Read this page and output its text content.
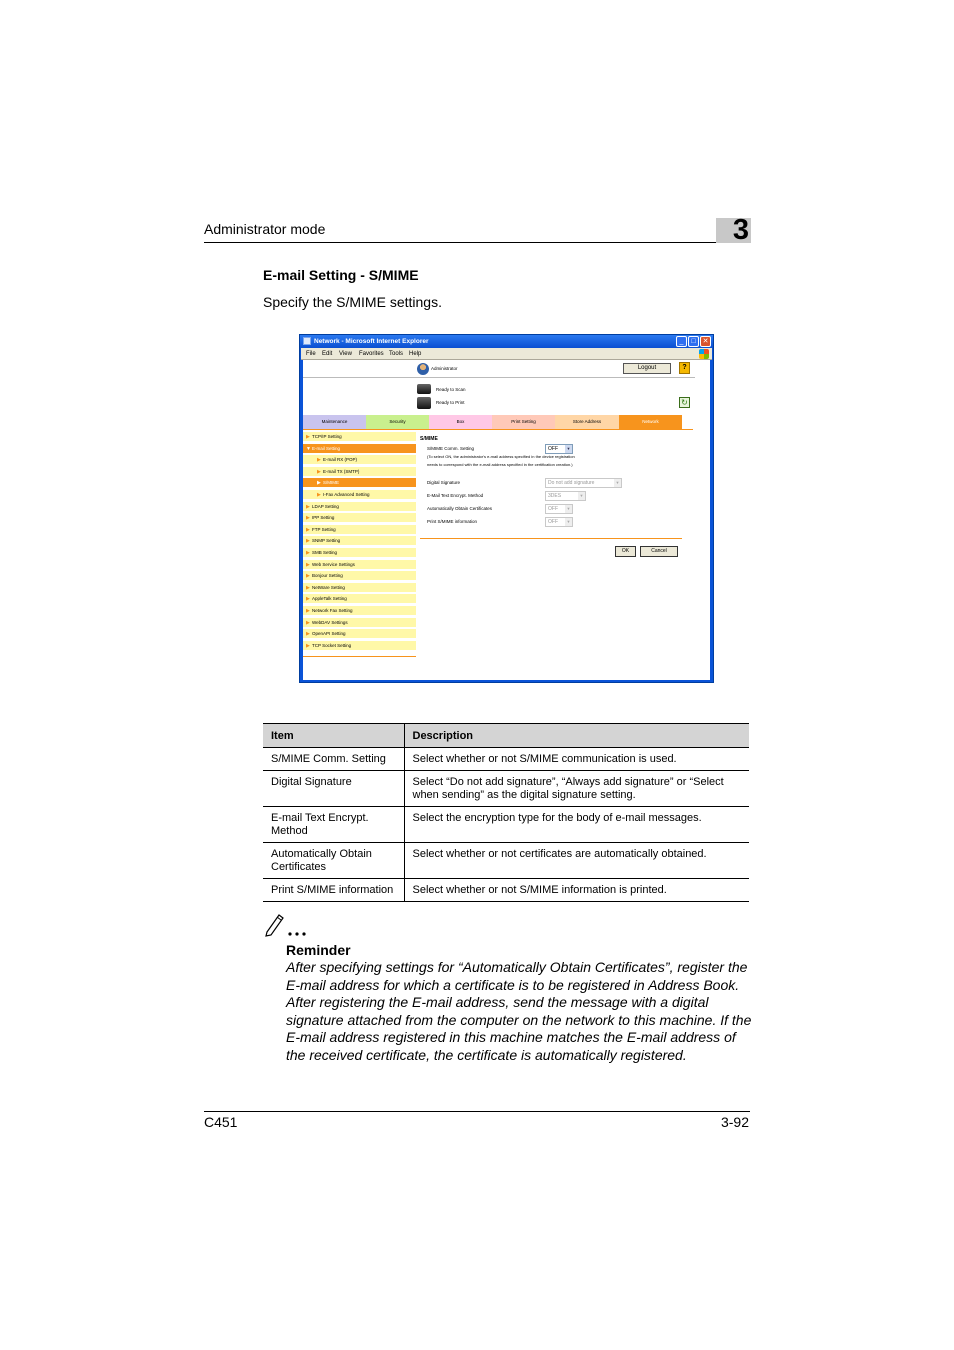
Administrator mode	3
E-mail Setting - S/MIME
Specify the S/MIME settings.
Network - Microsoft Internet Explorer	_	□ ✕
File Edit View Favorites Tools Help
Administrator	Logout	?
Ready to Scan
Ready to Print	↻
Maintenance	Security	Box	Print Setting	Store Address	Network
▶ TCP/IP Setting
▼ E-mail Setting
▶ E-mail RX (POP)
▶ E-mail TX (SMTP)
▶ S/MIME
▶ I-Fax Advanced Setting
▶ LDAP Setting
▶ IPP Setting
▶ FTP Setting
▶ SNMP Setting
▶ SMB Setting
▶ Web Service Settings
▶ Bonjour Setting
▶ NetWare Setting
▶ AppleTalk Setting
▶ Network Fax Setting
▶ WebDAV Settings
▶ OpenAPI Setting
▶ TCP Socket Setting
S/MIME
S/MIME Comm. Setting	OFF	▼
(To select ON, the administrator's e-mail address specified in the device registration
needs to correspond with the e-mail address specified in the certification creation.)
Digital Signature	Do not add signature	▼
E-Mail Text Encrypt. Method	3DES	▼
Automatically Obtain Certificates	OFF	▼
Print S/MIME information	OFF	▼
OK	Cancel
Item	Description
S/MIME Comm. Setting	Select whether or not S/MIME communication is used.
Digital Signature	Select “Do not add signature”, “Always add signature” or “Select when sending” as the digital signature setting.
E-mail Text Encrypt. Method	Select the encryption type for the body of e-mail messages.
Automatically Obtain Certificates	Select whether or not certificates are automatically obtained.
Print S/MIME information	Select whether or not S/MIME information is printed.
Reminder
After specifying settings for “Automatically Obtain Certificates”, register the E-mail address for which a certificate is to be registered in Address Book. After registering the E-mail address, send the message with a digital signature attached from the computer on the network to this machine. If the E-mail address registered in this machine matches the E-mail address of the received certificate, the certificate is automatically registered.
C451	3-92
